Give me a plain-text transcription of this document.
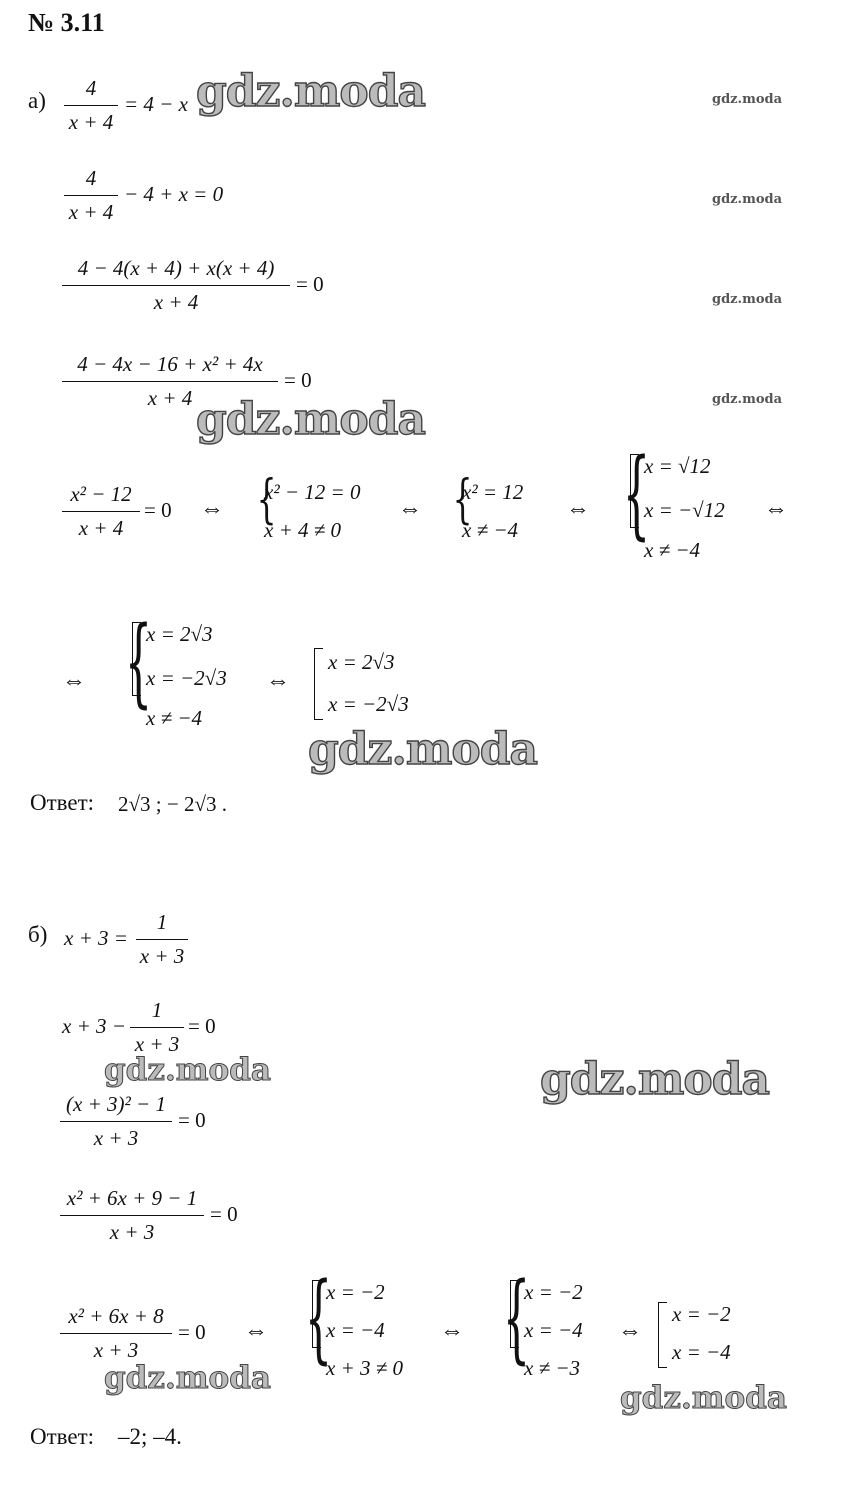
№ 3.11
а) 4
x + 4
= 4 − x
4
x + 4
− 4 + x = 0
4 − 4(x + 4) + x(x + 4)
x + 4
= 0
4 − 4x − 16 + x² + 4x
x + 4
= 0
x² − 12
x + 4
= 0 ⇔ {
x² − 12 = 0
x + 4 ≠ 0
⇔ {
x² = 12
x ≠ −4
⇔ {
x = √12
x = −√12
x ≠ −4
⇔
⇔ {
x = 2√3
x = −2√3
x ≠ −4
⇔
x = 2√3
x = −2√3
Ответ: 2√3 ; − 2√3 .
б) x + 3 =
1
x + 3
x + 3 −
1
x + 3
= 0
(x + 3)² − 1
x + 3
= 0
x² + 6x + 9 − 1
x + 3
= 0
x² + 6x + 8
x + 3
= 0 ⇔ {
x = −2
x = −4
x + 3 ≠ 0
⇔ {
x = −2
x = −4
x ≠ −3
⇔
x = −2
x = −4
Ответ: –2; –4.
gdz.moda
gdz.moda
gdz.moda
gdz.moda
gdz.moda
gdz.moda
gdz.moda
gdz.moda
gdz.moda
gdz.moda
gdz.moda
